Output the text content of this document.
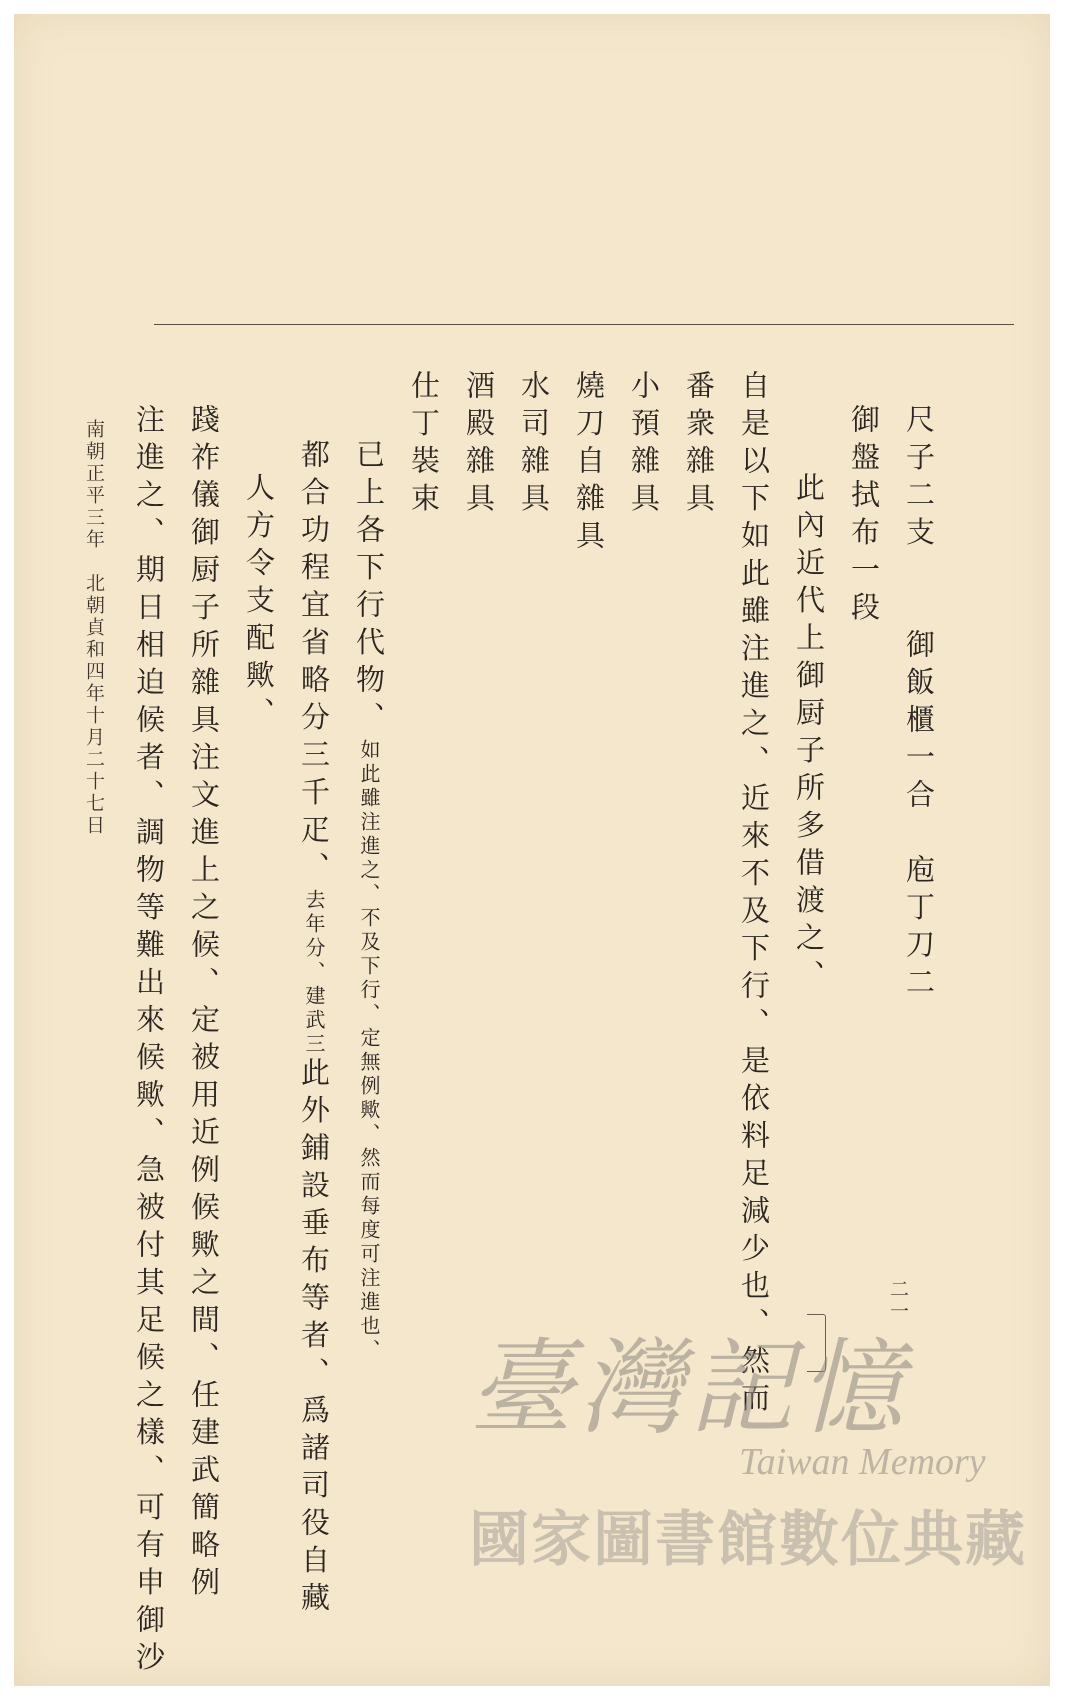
尺子二支　　御飯櫃一合　庖丁刀二
御盤拭布一段
此內近代上御厨子所多借渡之、
自是以下如此雖注進之、近來不及下行、是依料足減少也、然而
番衆雜具
小預雜具
燒刀自雜具
水司雜具
酒殿雜具
仕丁裝束
已上各下行代物、如此雖注進之、不及下行、定無例歟、然而每度可注進也、
都合功程宜省略分三千疋、去年分、建武三此外鋪設垂布等者、爲諸司役自藏
人方令支配歟、
踐祚儀御厨子所雜具注文進上之候、定被用近例候歟之間、任建武簡略例
注進之、期日相迫候者、調物等難出來候歟、急被付其足候之樣、可有申御沙
南朝正平三年　北朝貞和四年十月二十七日
二一
臺灣記憶
Taiwan Memory
國家圖書館數位典藏
